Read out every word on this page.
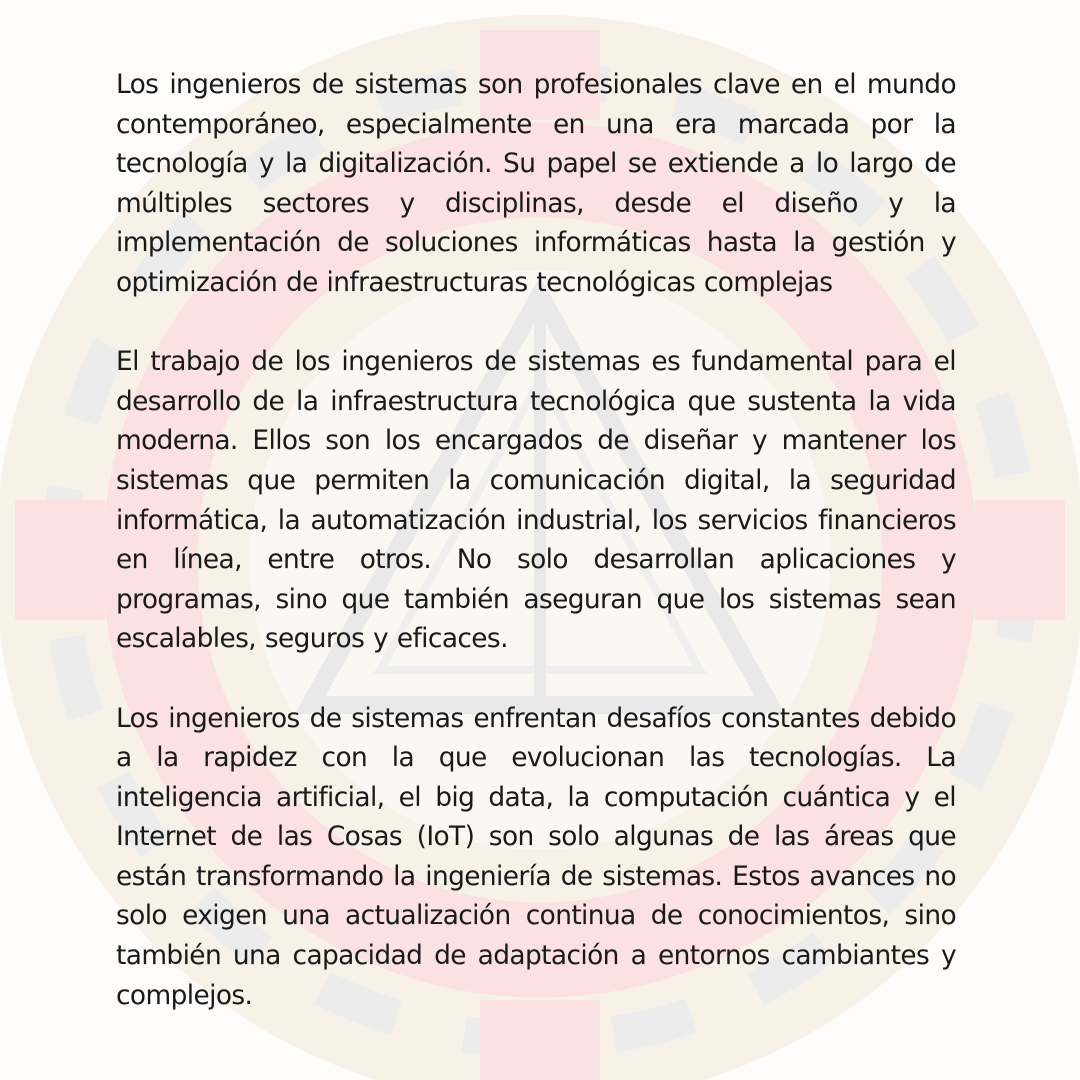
Los ingenieros de sistemas son profesionales clave en el mundo contemporáneo, especialmente en una era marcada por la tecnología y la digitalización. Su papel se extiende a lo largo de múltiples sectores y disciplinas, desde el diseño y la implementación de soluciones informáticas hasta la gestión y optimización de infraestructuras tecnológicas complejas

El trabajo de los ingenieros de sistemas es fundamental para el desarrollo de la infraestructura tecnológica que sustenta la vida moderna. Ellos son los encargados de diseñar y mantener los sistemas que permiten la comunicación digital, la seguridad informática, la automatización industrial, los servicios financieros en línea, entre otros. No solo desarrollan aplicaciones y programas, sino que también aseguran que los sistemas sean escalables, seguros y eficaces.

Los ingenieros de sistemas enfrentan desafíos constantes debido a la rapidez con la que evolucionan las tecnologías. La inteligencia artificial, el big data, la computación cuántica y el Internet de las Cosas (IoT) son solo algunas de las áreas que están transformando la ingeniería de sistemas. Estos avances no solo exigen una actualización continua de conocimientos, sino también una capacidad de adaptación a entornos cambiantes y complejos.
